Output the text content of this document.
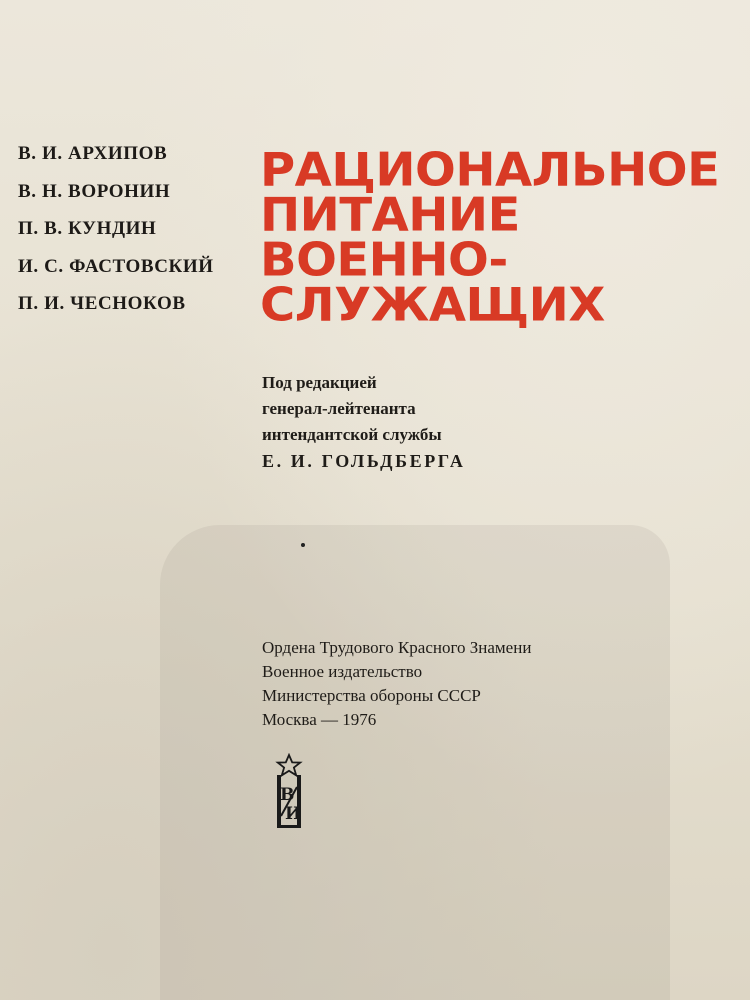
В. И. АРХИПОВ
В. Н. ВОРОНИН
П. В. КУНДИН
И. С. ФАСТОВСКИЙ
П. И. ЧЕСНОКОВ
РАЦИОНАЛЬНОЕ
ПИТАНИЕ
ВОЕННО-
СЛУЖАЩИХ
Под редакцией
генерал-лейтенанта
интендантской службы
Е. И. ГОЛЬДБЕРГА
Ордена Трудового Красного Знамени
Военное издательство
Министерства обороны СССР
Москва — 1976
В
И
